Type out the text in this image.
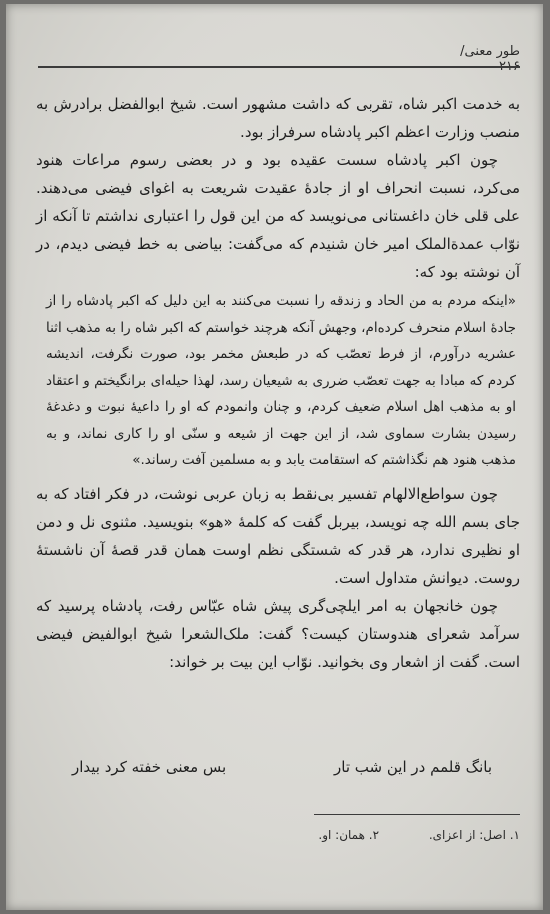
طور معنی/۲۱۶

به خدمت اکبر شاه، تقربی که داشت مشهور است. شیخ ابوالفضل برادرش به منصب وزارت اعظم اکبر پادشاه سرفراز بود.

چون اکبر پادشاه سست عقیده بود و در بعضی رسوم مراعات هنود می‌کرد، نسبت انحراف او از جادهٔ عقیدت شریعت به اغوای فیضی می‌دهند. علی قلی خان داغستانی می‌نویسد که من این قول را اعتباری نداشتم تا آنکه از نوّاب عمدة‌الملک امیر خان شنیدم که می‌گفت: بیاضی به خط فیضی دیدم، در آن نوشته بود که:

«اینکه مردم به من الحاد و زندقه را نسبت می‌کنند به این دلیل که اکبر پادشاه را از جادهٔ اسلام منحرف کرده‌ام، وجهش آنکه هرچند خواستم که اکبر شاه را به مذهب اثنا عشریه درآورم، از فرط تعصّب که در طبعش مخمر بود، صورت نگرفت، اندیشه کردم که مبادا به جهت تعصّب ضرری به شیعیان رسد، لهذا حیله‌ای برانگیختم و اعتقاد او به مذهب اهل اسلام ضعیف کردم، و چنان وانمودم که او را داعیهٔ نبوت و دغدغهٔ رسیدن بشارت سماوی شد، از این جهت از شیعه و سنّی او را کاری نماند، و به مذهب هنود هم نگذاشتم که استقامت یابد و به مسلمین آفت رساند.»

چون سواطع‌الالهام تفسیر بی‌نقط به زبان عربی نوشت، در فکر افتاد که به جای بسم الله چه نویسد، بیربل گفت که کلمهٔ «هو» بنویسید. مثنوی نل و دمن او نظیری ندارد، هر قدر که شستگی نظم اوست همان قدر قصهٔ آن ناشستهٔ روست. دیوانش متداول است.

چون خانجهان به امر ایلچی‌گری پیش شاه عبّاس رفت، پادشاه پرسید که سرآمد شعرای هندوستان کیست؟ گفت: ملک‌الشعرا شیخ ابوالفیض فیضی است. گفت از اشعار وی بخوانید. نوّاب این بیت بر خواند:

بانگ قلمم در این شب تار
بس معنی خفته کرد بیدار
۱. اصل: از اعزای. ۲. همان: او.
